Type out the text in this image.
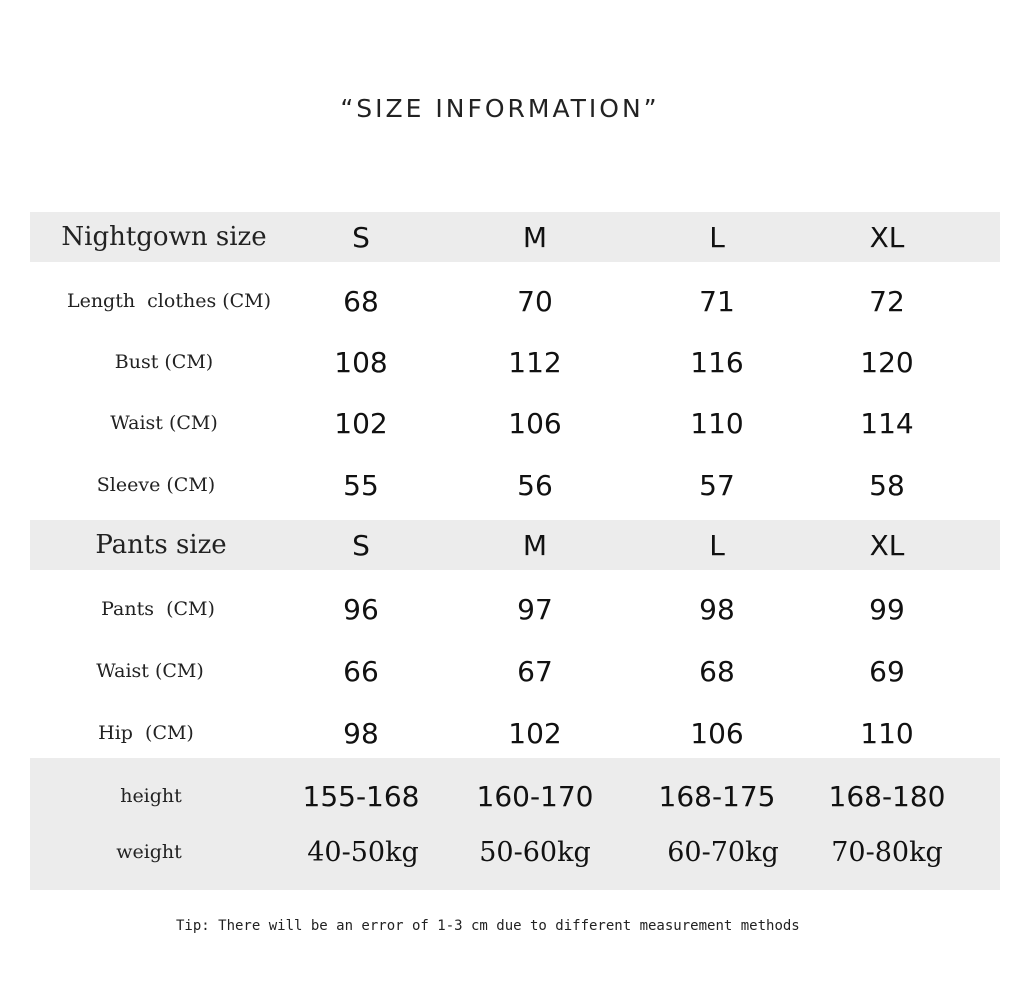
“SIZE INFORMATION”
Nightgown size	S	M	L	XL
Length  clothes (CM)	68	70	71	72
Bust (CM)	108	112	116	120
Waist (CM)	102	106	110	114
Sleeve (CM)	55	56	57	58
Pants size	S	M	L	XL
Pants  (CM)	96	97	98	99
Waist (CM)	66	67	68	69
Hip  (CM)	98	102	106	110
height	155-168	160-170	168-175	168-180
weight	40-50kg	50-60kg	60-70kg	70-80kg
Tip: There will be an error of 1-3 cm due to different measurement methods
